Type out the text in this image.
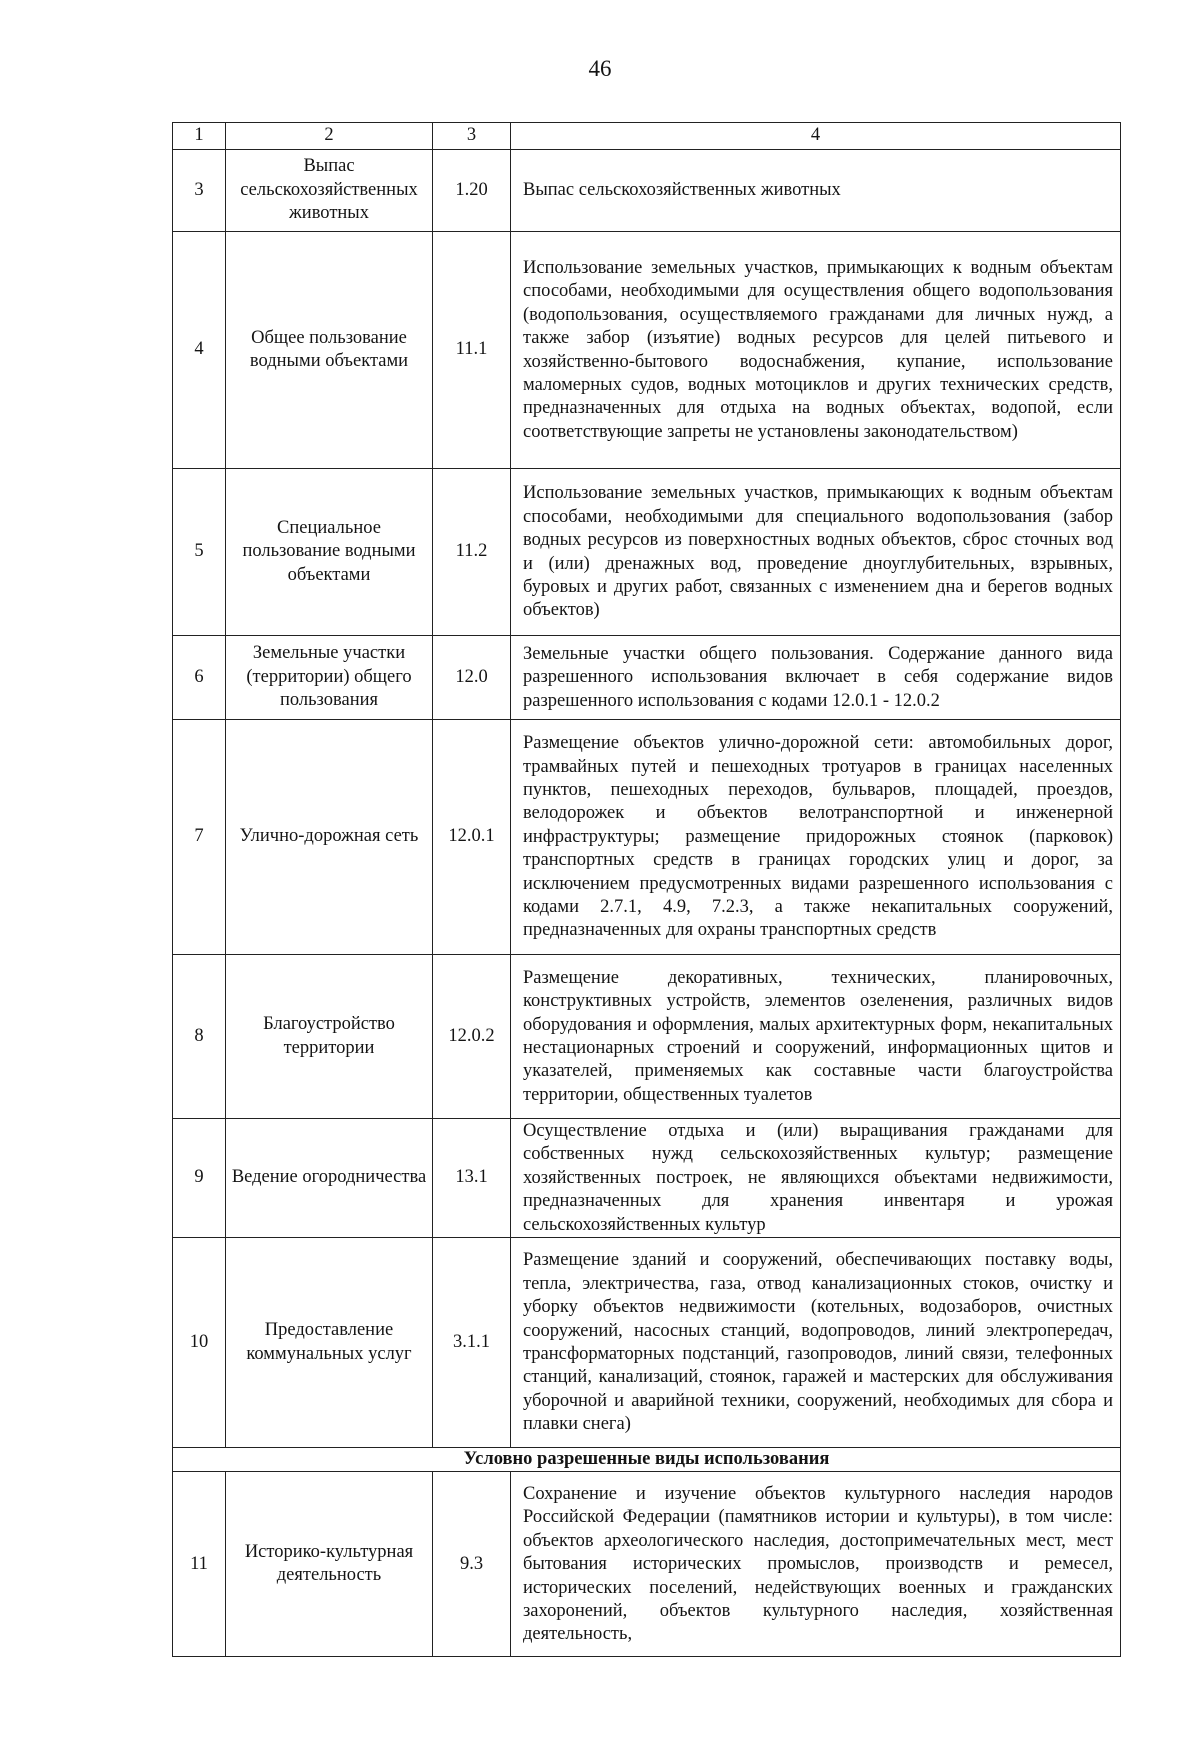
46
1	2	3	4
3	Выпас сельскохозяйственных животных	1.20	Выпас сельскохозяйственных животных
4	Общее пользование водными объектами	11.1	Использование земельных участков, примыкающих к водным объектам способами, необходимыми для осуществления общего водопользования (водопользования, осуществляемого гражданами для личных нужд, а также забор (изъятие) водных ресурсов для целей питьевого и хозяйственно-бытового водоснабжения, купание, использование маломерных судов, водных мотоциклов и других технических средств, предназначенных для отдыха на водных объектах, водопой, если соответствующие запреты не установлены законодательством)
5	Специальное пользование водными объектами	11.2	Использование земельных участков, примыкающих к водным объектам способами, необходимыми для специального водопользования (забор водных ресурсов из поверхностных водных объектов, сброс сточных вод и (или) дренажных вод, проведение дноуглубительных, взрывных, буровых и других работ, связанных с изменением дна и берегов водных объектов)
6	Земельные участки (территории) общего пользования	12.0	Земельные участки общего пользования. Содержание данного вида разрешенного использования включает в себя содержание видов разрешенного использования с кодами 12.0.1 - 12.0.2
7	Улично-дорожная сеть	12.0.1	Размещение объектов улично-дорожной сети: автомобильных дорог, трамвайных путей и пешеходных тротуаров в границах населенных пунктов, пешеходных переходов, бульваров, площадей, проездов, велодорожек и объектов велотранспортной и инженерной инфраструктуры; размещение придорожных стоянок (парковок) транспортных средств в границах городских улиц и дорог, за исключением предусмотренных видами разрешенного использования с кодами 2.7.1, 4.9, 7.2.3, а также некапитальных сооружений, предназначенных для охраны транспортных средств
8	Благоустройство территории	12.0.2	Размещение декоративных, технических, планировочных, конструктивных устройств, элементов озеленения, различных видов оборудования и оформления, малых архитектурных форм, некапитальных нестационарных строений и сооружений, информационных щитов и указателей, применяемых как составные части благоустройства территории, общественных туалетов
9	Ведение огородничества	13.1	Осуществление отдыха и (или) выращивания гражданами для собственных нужд сельскохозяйственных культур; размещение хозяйственных построек, не являющихся объектами недвижимости, предназначенных для хранения инвентаря и урожая сельскохозяйственных культур
10	Предоставление коммунальных услуг	3.1.1	Размещение зданий и сооружений, обеспечивающих поставку воды, тепла, электричества, газа, отвод канализационных стоков, очистку и уборку объектов недвижимости (котельных, водозаборов, очистных сооружений, насосных станций, водопроводов, линий электропередач, трансформаторных подстанций, газопроводов, линий связи, телефонных станций, канализаций, стоянок, гаражей и мастерских для обслуживания уборочной и аварийной техники, сооружений, необходимых для сбора и плавки снега)
Условно разрешенные виды использования			
11	Историко-культурная деятельность	9.3	Сохранение и изучение объектов культурного наследия народов Российской Федерации (памятников истории и культуры), в том числе: объектов археологического наследия, достопримечательных мест, мест бытования исторических промыслов, производств и ремесел, исторических поселений, недействующих военных и гражданских захоронений, объектов культурного наследия, хозяйственная деятельность,
